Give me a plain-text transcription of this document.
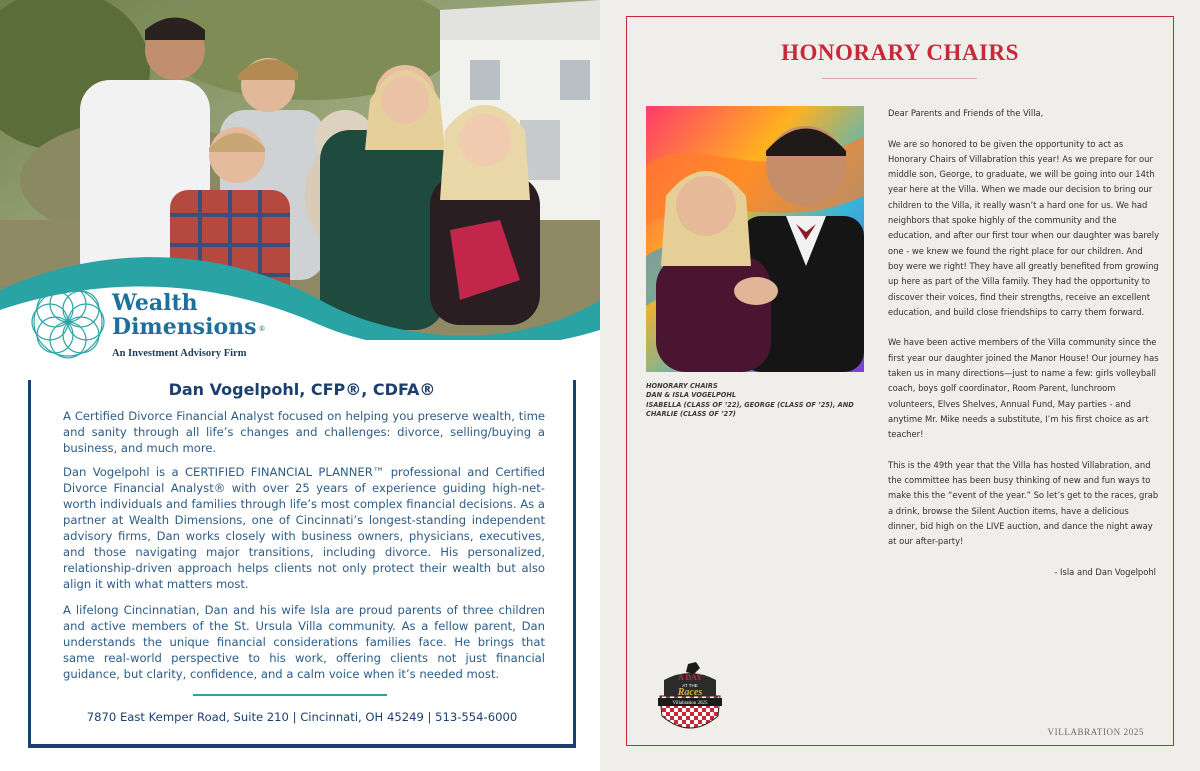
Wealth
Dimensions ®
An Investment Advisory Firm
Dan Vogelpohl, CFP®, CDFA®

A Certified Divorce Financial Analyst focused on helping you preserve wealth, time and sanity through all life’s changes and challenges: divorce, selling/buying a business, and much more.

Dan Vogelpohl is a CERTIFIED FINANCIAL PLANNER™ professional and Certified Divorce Financial Analyst® with over 25 years of experience guiding high-net-worth individuals and families through life’s most complex financial decisions. As a partner at Wealth Dimensions, one of Cincinnati’s longest-standing independent advisory firms, Dan works closely with business owners, physicians, executives, and those navigating major transitions, including divorce. His personalized, relationship-driven approach helps clients not only protect their wealth but also align it with what matters most.

A lifelong Cincinnatian, Dan and his wife Isla are proud parents of three children and active members of the St. Ursula Villa community. As a fellow parent, Dan understands the unique financial considerations families face. He brings that same real-world perspective to his work, offering clients not just financial guidance, but clarity, confidence, and a calm voice when it’s needed most.

7870 East Kemper Road, Suite 210 | Cincinnati, OH 45249 | 513-554-6000
HONORARY CHAIRS
HONORARY CHAIRS
DAN & ISLA VOGELPOHL
ISABELLA (CLASS OF ’22), GEORGE (CLASS OF ’25), AND CHARLIE (CLASS OF ’27)

Dear Parents and Friends of the Villa,

We are so honored to be given the opportunity to act as Honorary Chairs of Villabration this year! As we prepare for our middle son, George, to graduate, we will be going into our 14th year here at the Villa. When we made our decision to bring our children to the Villa, it really wasn’t a hard one for us. We had neighbors that spoke highly of the community and the education, and after our first tour when our daughter was barely one - we knew we found the right place for our children. And boy were we right! They have all greatly benefited from growing up here as part of the Villa family. They had the opportunity to discover their voices, find their strengths, receive an excellent education, and build close friendships to carry them forward.

We have been active members of the Villa community since the first year our daughter joined the Manor House! Our journey has taken us in many directions—just to name a few: girls volleyball coach, boys golf coordinator, Room Parent, lunchroom volunteers, Elves Shelves, Annual Fund, May parties - and anytime Mr. Mike needs a substitute, I’m his first choice as art teacher!

This is the 49th year that the Villa has hosted Villabration, and the committee has been busy thinking of new and fun ways to make this the “event of the year.” So let’s get to the races, grab a drink, browse the Silent Auction items, have a delicious dinner, bid high on the LIVE auction, and dance the night away at our after-party!

- Isla and Dan Vogelpohl

A DAY
AT THE
Races
Villabration 2025
VILLABRATION 2025
